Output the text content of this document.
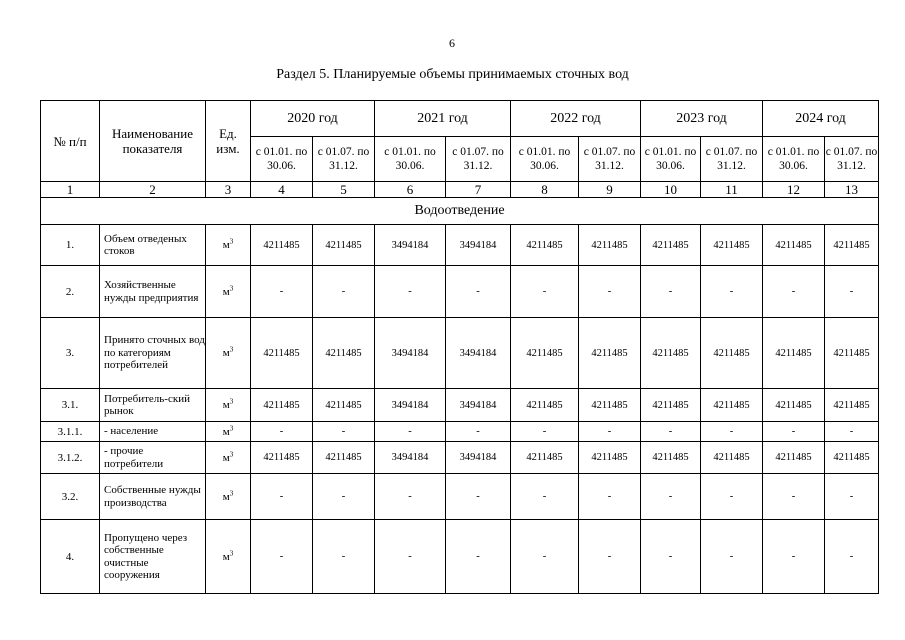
6
Раздел 5. Планируемые объемы принимаемых сточных вод
№ п/п	Наименование показателя	Ед. изм.	2020 год		2021 год		2022 год		2023 год		2024 год	
			с 01.01. по 30.06.	с 01.07. по 31.12.	с 01.01. по 30.06.	с 01.07. по 31.12.	с 01.01. по 30.06.	с 01.07. по 31.12.	с 01.01. по 30.06.	с 01.07. по 31.12.	с 01.01. по 30.06.	с 01.07. по 31.12.
1	2	3	4	5	6	7	8	9	10	11	12	13
Водоотведение												
1.	Объем отведеных стоков	$м^3$	4211485	4211485	3494184	3494184	4211485	4211485	4211485	4211485	4211485	4211485
2.	Хозяйственные нужды предприятия	$м^3$	-	-	-	-	-	-	-	-	-	-
3.	Принято сточных вод по категориям потребителей	$м^3$	4211485	4211485	3494184	3494184	4211485	4211485	4211485	4211485	4211485	4211485
3.1.	Потребитель-ский рынок	$м^3$	4211485	4211485	3494184	3494184	4211485	4211485	4211485	4211485	4211485	4211485
3.1.1.	- население	$м^3$	-	-	-	-	-	-	-	-	-	-
3.1.2.	- прочие потребители	$м^3$	4211485	4211485	3494184	3494184	4211485	4211485	4211485	4211485	4211485	4211485
3.2.	Собственные нужды производства	$м^3$	-	-	-	-	-	-	-	-	-	-
4.	Пропущено через собственные очистные сооружения	$м^3$	-	-	-	-	-	-	-	-	-	-
